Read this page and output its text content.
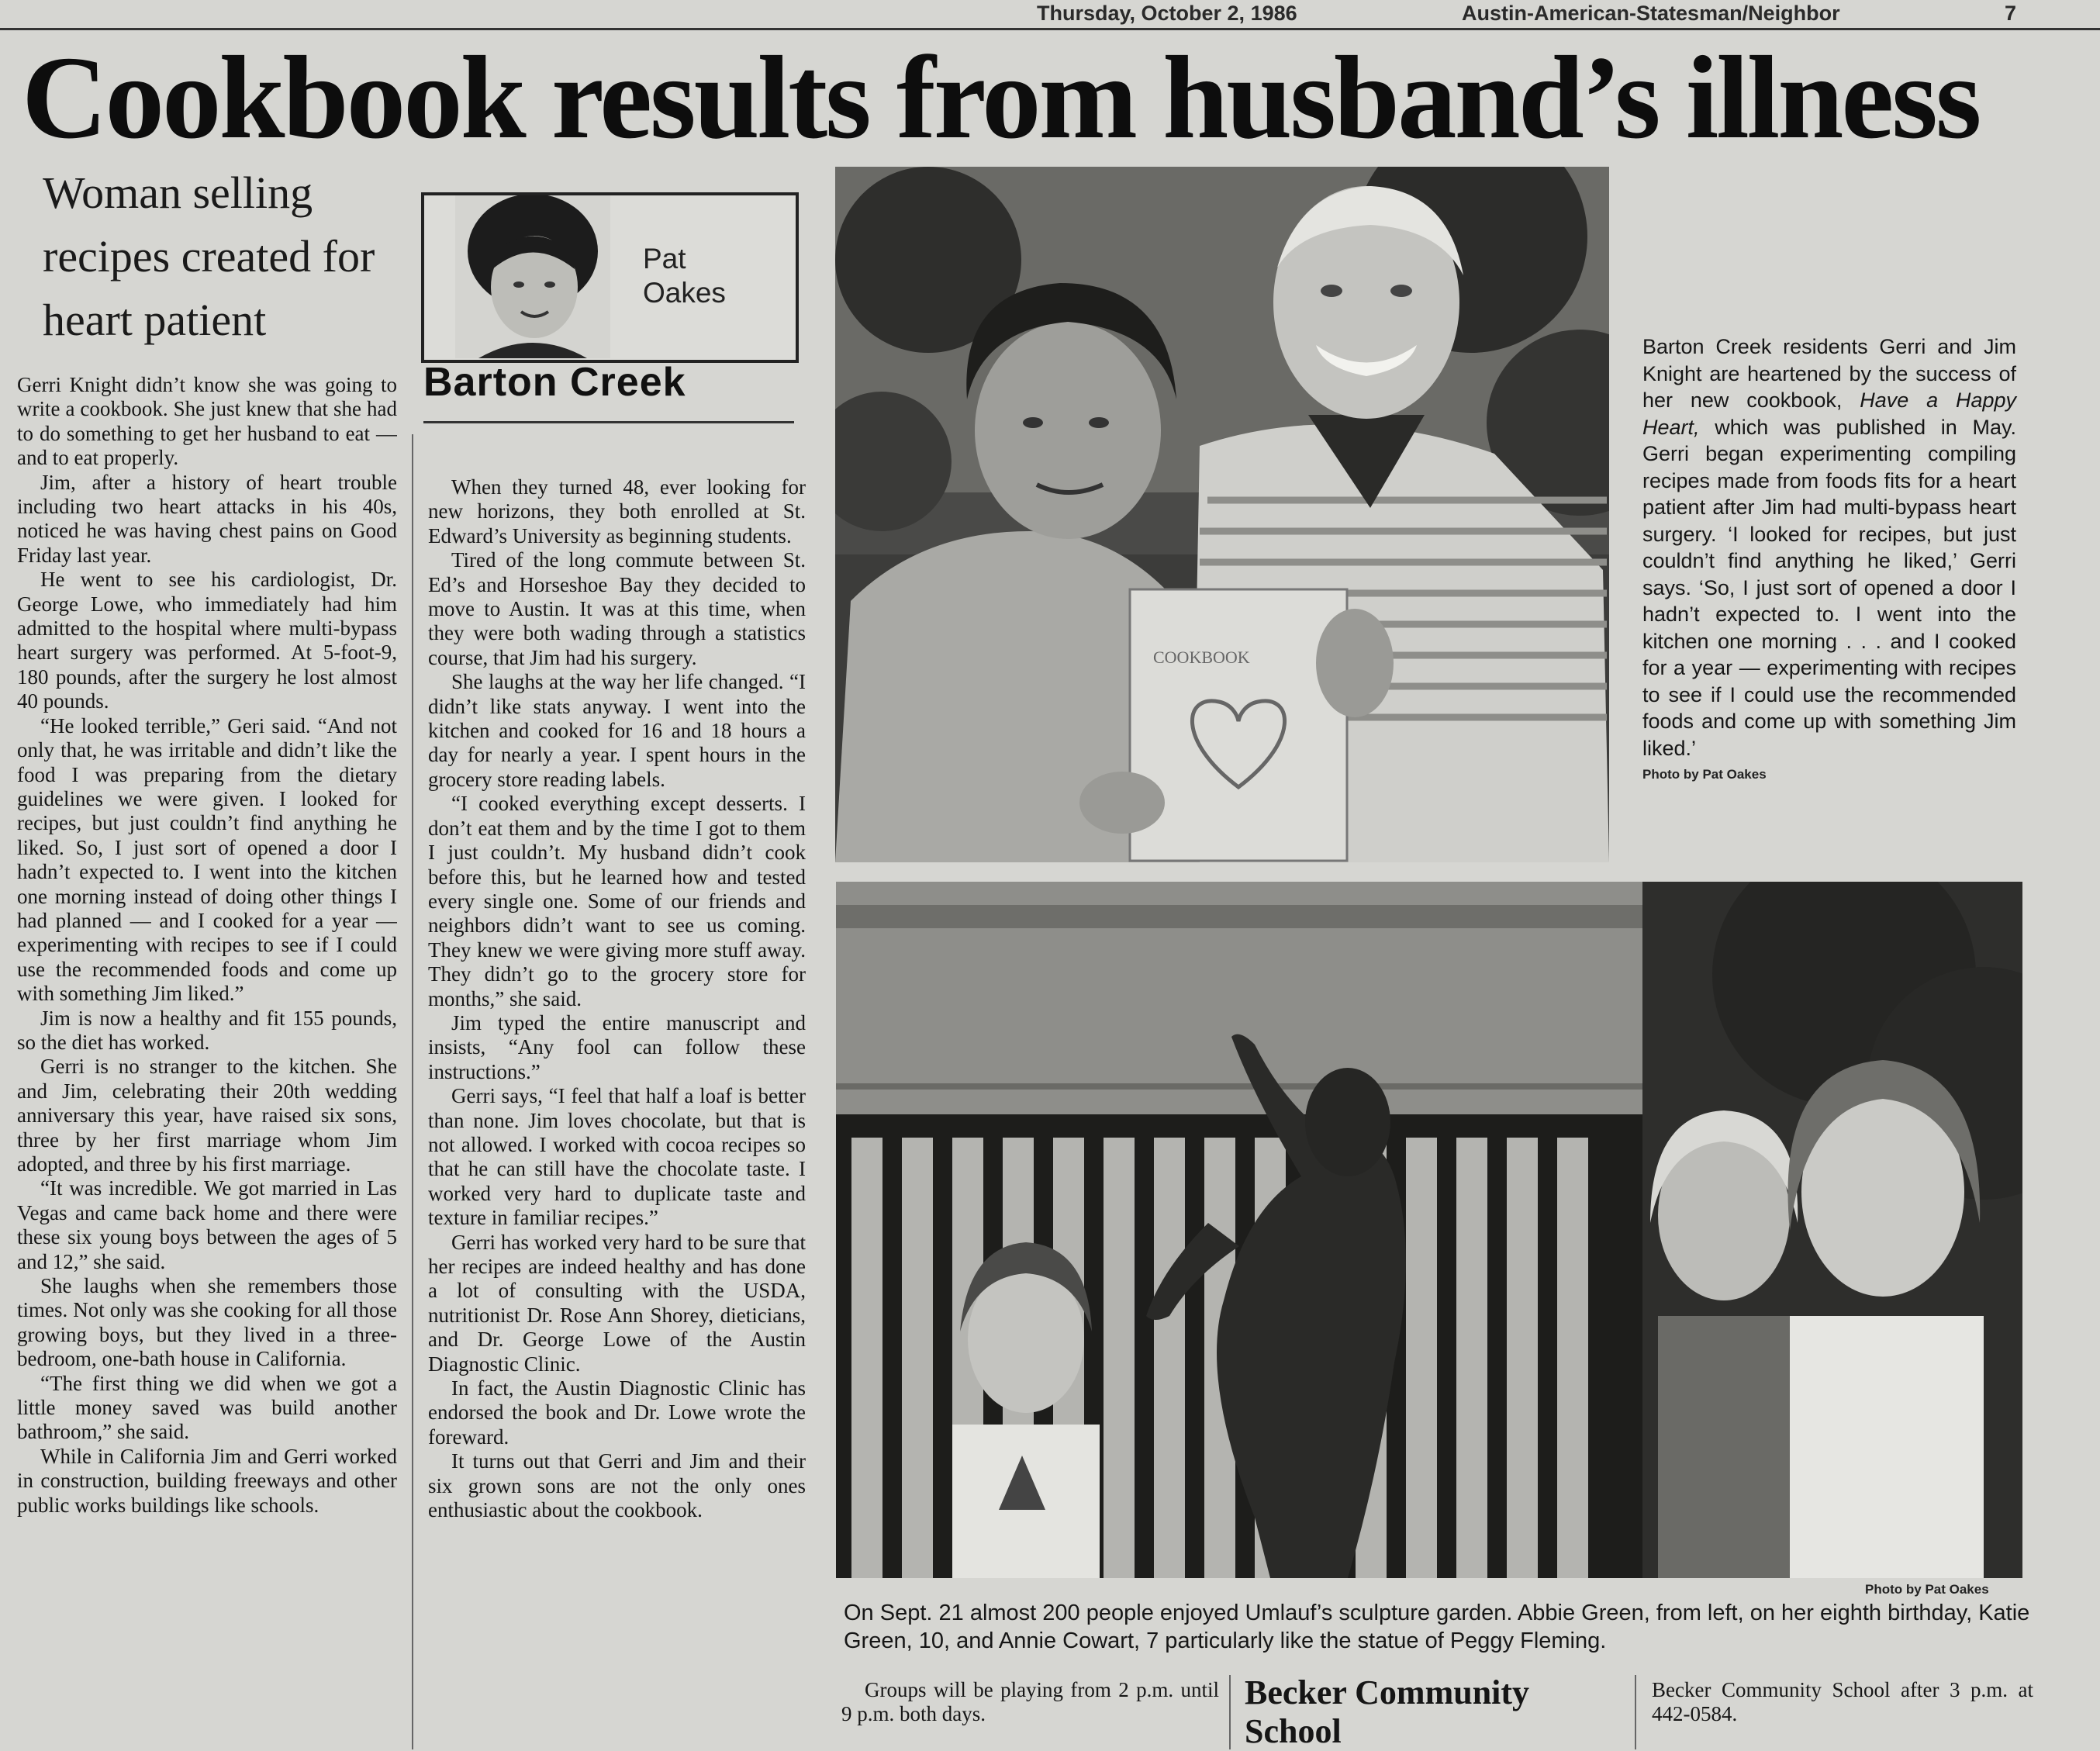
Thursday, October 2, 1986	Austin-American-Statesman/Neighbor	7
Cookbook results from husband’s illness
Woman selling recipes created for heart patient
Pat
Oakes
Barton Creek

Gerri Knight didn’t know she was going to write a cookbook. She just knew that she had to do something to get her husband to eat — and to eat properly.

Jim, after a history of heart trouble including two heart attacks in his 40s, noticed he was having chest pains on Good Friday last year.

He went to see his cardiologist, Dr. George Lowe, who immediately had him admitted to the hospital where multi-bypass heart surgery was performed. At 5-foot-9, 180 pounds, after the surgery he lost almost 40 pounds.

“He looked terrible,” Geri said. “And not only that, he was irritable and didn’t like the food I was preparing from the dietary guidelines we were given. I looked for recipes, but just couldn’t find anything he liked. So, I just sort of opened a door I hadn’t expected to. I went into the kitchen one morning instead of doing other things I had planned — and I cooked for a year — experimenting with recipes to see if I could use the recommended foods and come up with something Jim liked.”

Jim is now a healthy and fit 155 pounds, so the diet has worked.

Gerri is no stranger to the kitchen. She and Jim, celebrating their 20th wedding anniversary this year, have raised six sons, three by her first marriage whom Jim adopted, and three by his first marriage.

“It was incredible. We got married in Las Vegas and came back home and there were these six young boys between the ages of 5 and 12,” she said.

She laughs when she remembers those times. Not only was she cooking for all those growing boys, but they lived in a three-bedroom, one-bath house in California.

“The first thing we did when we got a little money saved was build another bathroom,” she said.

While in California Jim and Gerri worked in construction, building freeways and other public works buildings like schools.

When they turned 48, ever looking for new horizons, they both enrolled at St. Edward’s University as beginning students.

Tired of the long commute between St. Ed’s and Horseshoe Bay they decided to move to Austin. It was at this time, when they were both wading through a statistics course, that Jim had his surgery.

She laughs at the way her life changed. “I didn’t like stats anyway. I went into the kitchen and cooked for 16 and 18 hours a day for nearly a year. I spent hours in the grocery store reading labels.

“I cooked everything except desserts. I don’t eat them and by the time I got to them I just couldn’t. My husband didn’t cook before this, but he learned how and tested every single one. Some of our friends and neighbors didn’t want to see us coming. They knew we were giving more stuff away. They didn’t go to the grocery store for months,” she said.

Jim typed the entire manuscript and insists, “Any fool can follow these instructions.”

Gerri says, “I feel that half a loaf is better than none. Jim loves chocolate, but that is not allowed. I worked with cocoa recipes so that he can still have the chocolate taste. I worked very hard to duplicate taste and texture in familiar recipes.”

Gerri has worked very hard to be sure that her recipes are indeed healthy and has done a lot of consulting with the USDA, nutritionist Dr. Rose Ann Shorey, dieticians, and Dr. George Lowe of the Austin Diagnostic Clinic.

In fact, the Austin Diagnostic Clinic has endorsed the book and Dr. Lowe wrote the foreward.

It turns out that Gerri and Jim and their six grown sons are not the only ones enthusiastic about the cookbook.

COOKBOOK
Barton Creek residents Gerri and Jim Knight are heartened by the success of her new cookbook, Have a Happy Heart, which was published in May. Gerri began experimenting compiling recipes made from foods fits for a heart patient after Jim had multi-bypass heart surgery. ‘I looked for recipes, but just couldn’t find anything he liked,’ Gerri says. ‘So, I just sort of opened a door I hadn’t expected to. I went into the kitchen one morning . . . and I cooked for a year — experimenting with recipes to see if I could use the recommended foods and come up with something Jim liked.’
Photo by Pat Oakes
Photo by Pat Oakes
On Sept. 21 almost 200 people enjoyed Umlauf’s sculpture garden. Abbie Green, from left, on her eighth birthday, Katie Green, 10, and Annie Cowart, 7 particularly like the statue of Peggy Fleming.

Groups will be playing from 2 p.m. until 9 p.m. both days.

Becker Community School

Becker Community School after 3 p.m. at 442-0584.
